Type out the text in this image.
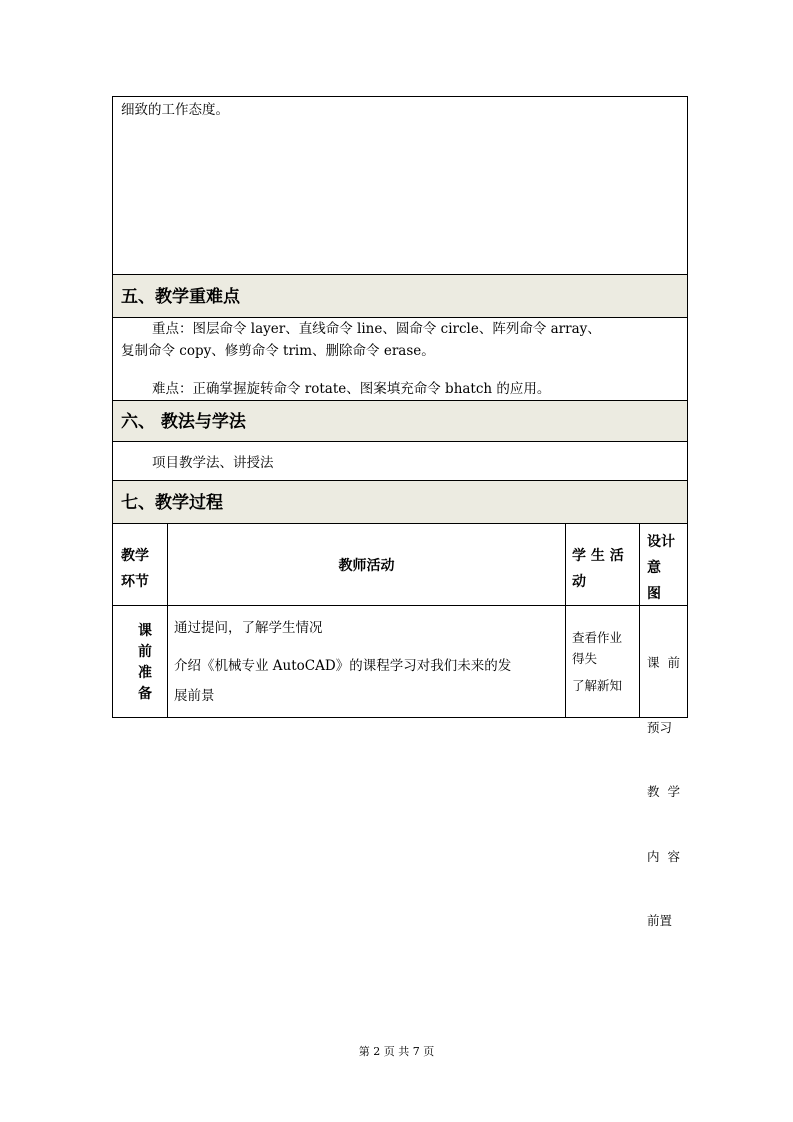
细致的工作态度。
五、教学重难点
重点：图层命令 layer、直线命令 line、圆命令 circle、阵列命令 array、
复制命令 copy、修剪命令 trim、删除命令 erase。
难点：正确掌握旋转命令 rotate、图案填充命令 bhatch 的应用。
六、 教法与学法
项目教学法、讲授法
七、教学过程
教学
环节
教师活动
学 生 活
动
设计
意
图
课
前
准
备
通过提问，了解学生情况
介绍《机械专业 AutoCAD》的课程学习对我们未来的发
展前景
查看作业
得失
了解新知

课  前

预习

教  学

内  容

前置

第 2 页 共 7 页
